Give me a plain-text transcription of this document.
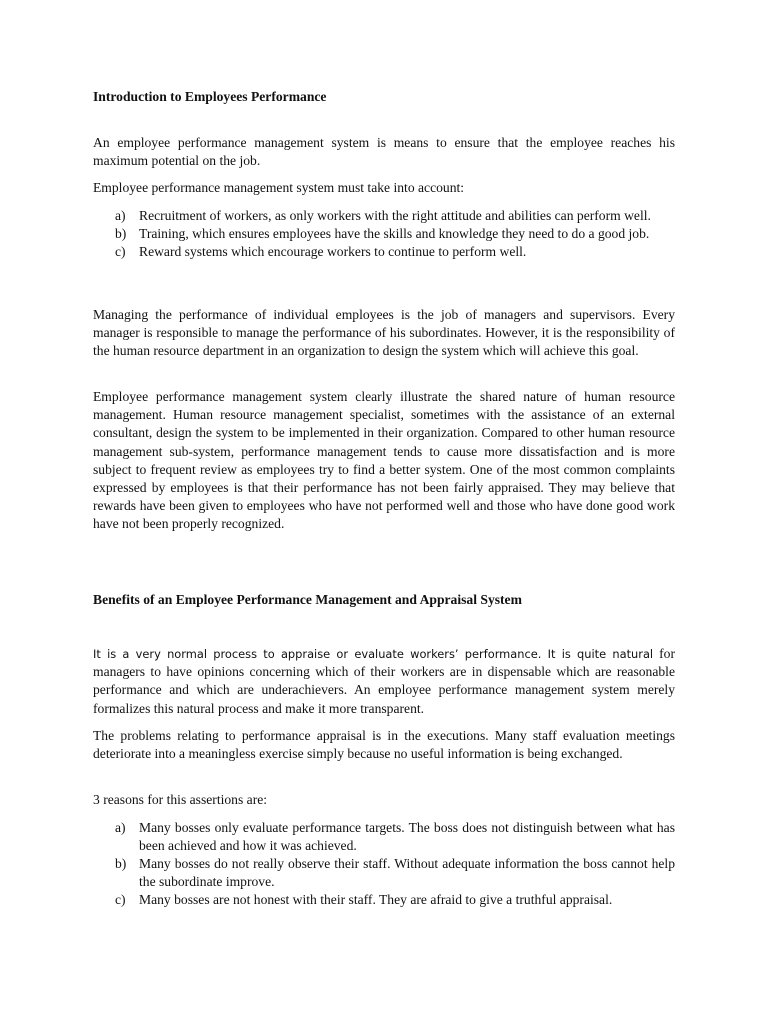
Introduction to Employees Performance

An employee performance management system is means to ensure that the employee reaches his maximum potential on the job.

Employee performance management system must take into account:

a) Recruitment of workers, as only workers with the right attitude and abilities can perform well.
b) Training, which ensures employees have the skills and knowledge they need to do a good job.
c) Reward systems which encourage workers to continue to perform well.

Managing the performance of individual employees is the job of managers and supervisors. Every manager is responsible to manage the performance of his subordinates. However, it is the responsibility of the human resource department in an organization to design the system which will achieve this goal.

Employee performance management system clearly illustrate the shared nature of human resource management. Human resource management specialist, sometimes with the assistance of an external consultant, design the system to be implemented in their organization. Compared to other human resource management sub-system, performance management tends to cause more dissatisfaction and is more subject to frequent review as employees try to find a better system. One of the most common complaints expressed by employees is that their performance has not been fairly appraised. They may believe that rewards have been given to employees who have not performed well and those who have done good work have not been properly recognized.

Benefits of an Employee Performance Management and Appraisal System

It is a very normal process to appraise or evaluate workers’ performance. It is quite natural for managers to have opinions concerning which of their workers are in dispensable which are reasonable performance and which are underachievers. An employee performance management system merely formalizes this natural process and make it more transparent.

The problems relating to performance appraisal is in the executions. Many staff evaluation meetings deteriorate into a meaningless exercise simply because no useful information is being exchanged.

3 reasons for this assertions are:

a) Many bosses only evaluate performance targets. The boss does not distinguish between what has been achieved and how it was achieved.
b) Many bosses do not really observe their staff. Without adequate information the boss cannot help the subordinate improve.
c) Many bosses are not honest with their staff. They are afraid to give a truthful appraisal.
